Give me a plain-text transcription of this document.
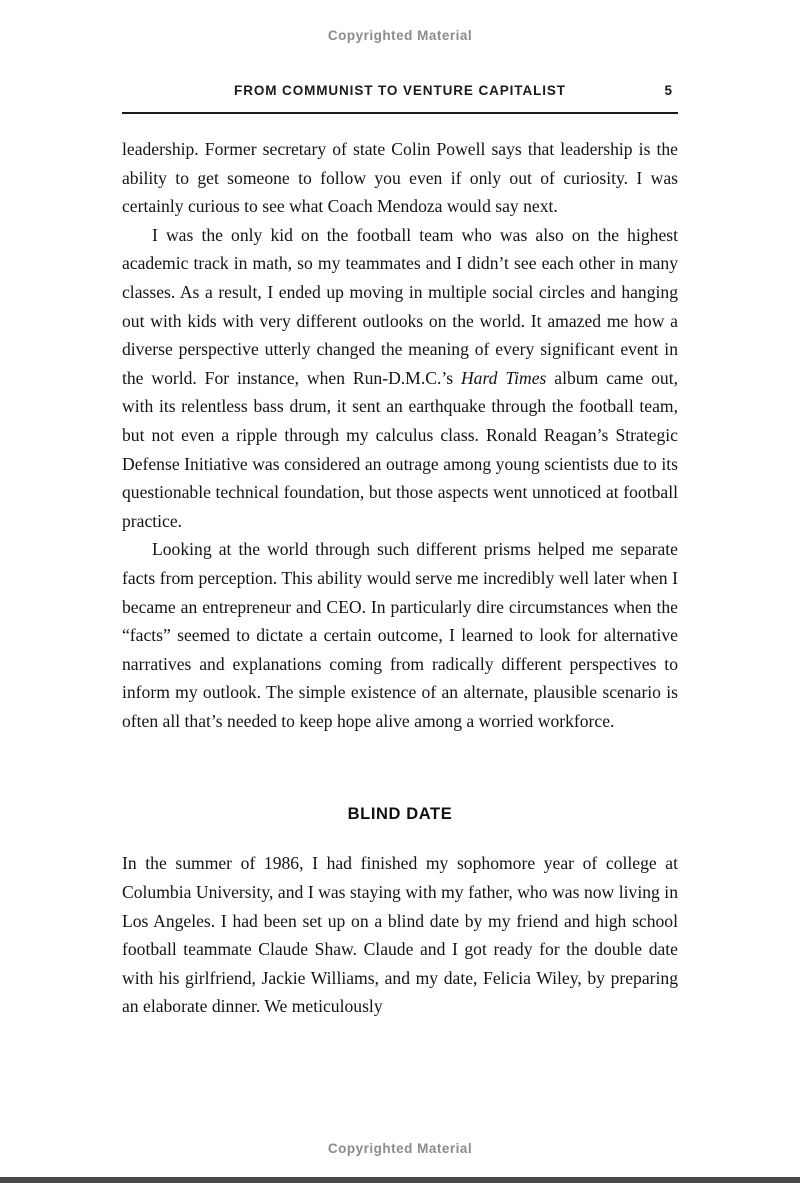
Copyrighted Material
FROM COMMUNIST TO VENTURE CAPITALIST	5

leadership. Former secretary of state Colin Powell says that leadership is the ability to get someone to follow you even if only out of curiosity. I was certainly curious to see what Coach Mendoza would say next.

I was the only kid on the football team who was also on the highest academic track in math, so my teammates and I didn’t see each other in many classes. As a result, I ended up moving in multiple social circles and hanging out with kids with very different outlooks on the world. It amazed me how a diverse perspective utterly changed the meaning of every significant event in the world. For instance, when Run-D.M.C.’s Hard Times album came out, with its relentless bass drum, it sent an earthquake through the football team, but not even a ripple through my calculus class. Ronald Reagan’s Strategic Defense Initiative was considered an outrage among young scientists due to its questionable technical foundation, but those aspects went unnoticed at football practice.

Looking at the world through such different prisms helped me separate facts from perception. This ability would serve me incredibly well later when I became an entrepreneur and CEO. In particularly dire circumstances when the “facts” seemed to dictate a certain outcome, I learned to look for alternative narratives and explanations coming from radically different perspectives to inform my outlook. The simple existence of an alternate, plausible scenario is often all that’s needed to keep hope alive among a worried workforce.

BLIND DATE

In the summer of 1986, I had finished my sophomore year of college at Columbia University, and I was staying with my father, who was now living in Los Angeles. I had been set up on a blind date by my friend and high school football teammate Claude Shaw. Claude and I got ready for the double date with his girlfriend, Jackie Williams, and my date, Felicia Wiley, by preparing an elaborate dinner. We meticulously

Copyrighted Material
